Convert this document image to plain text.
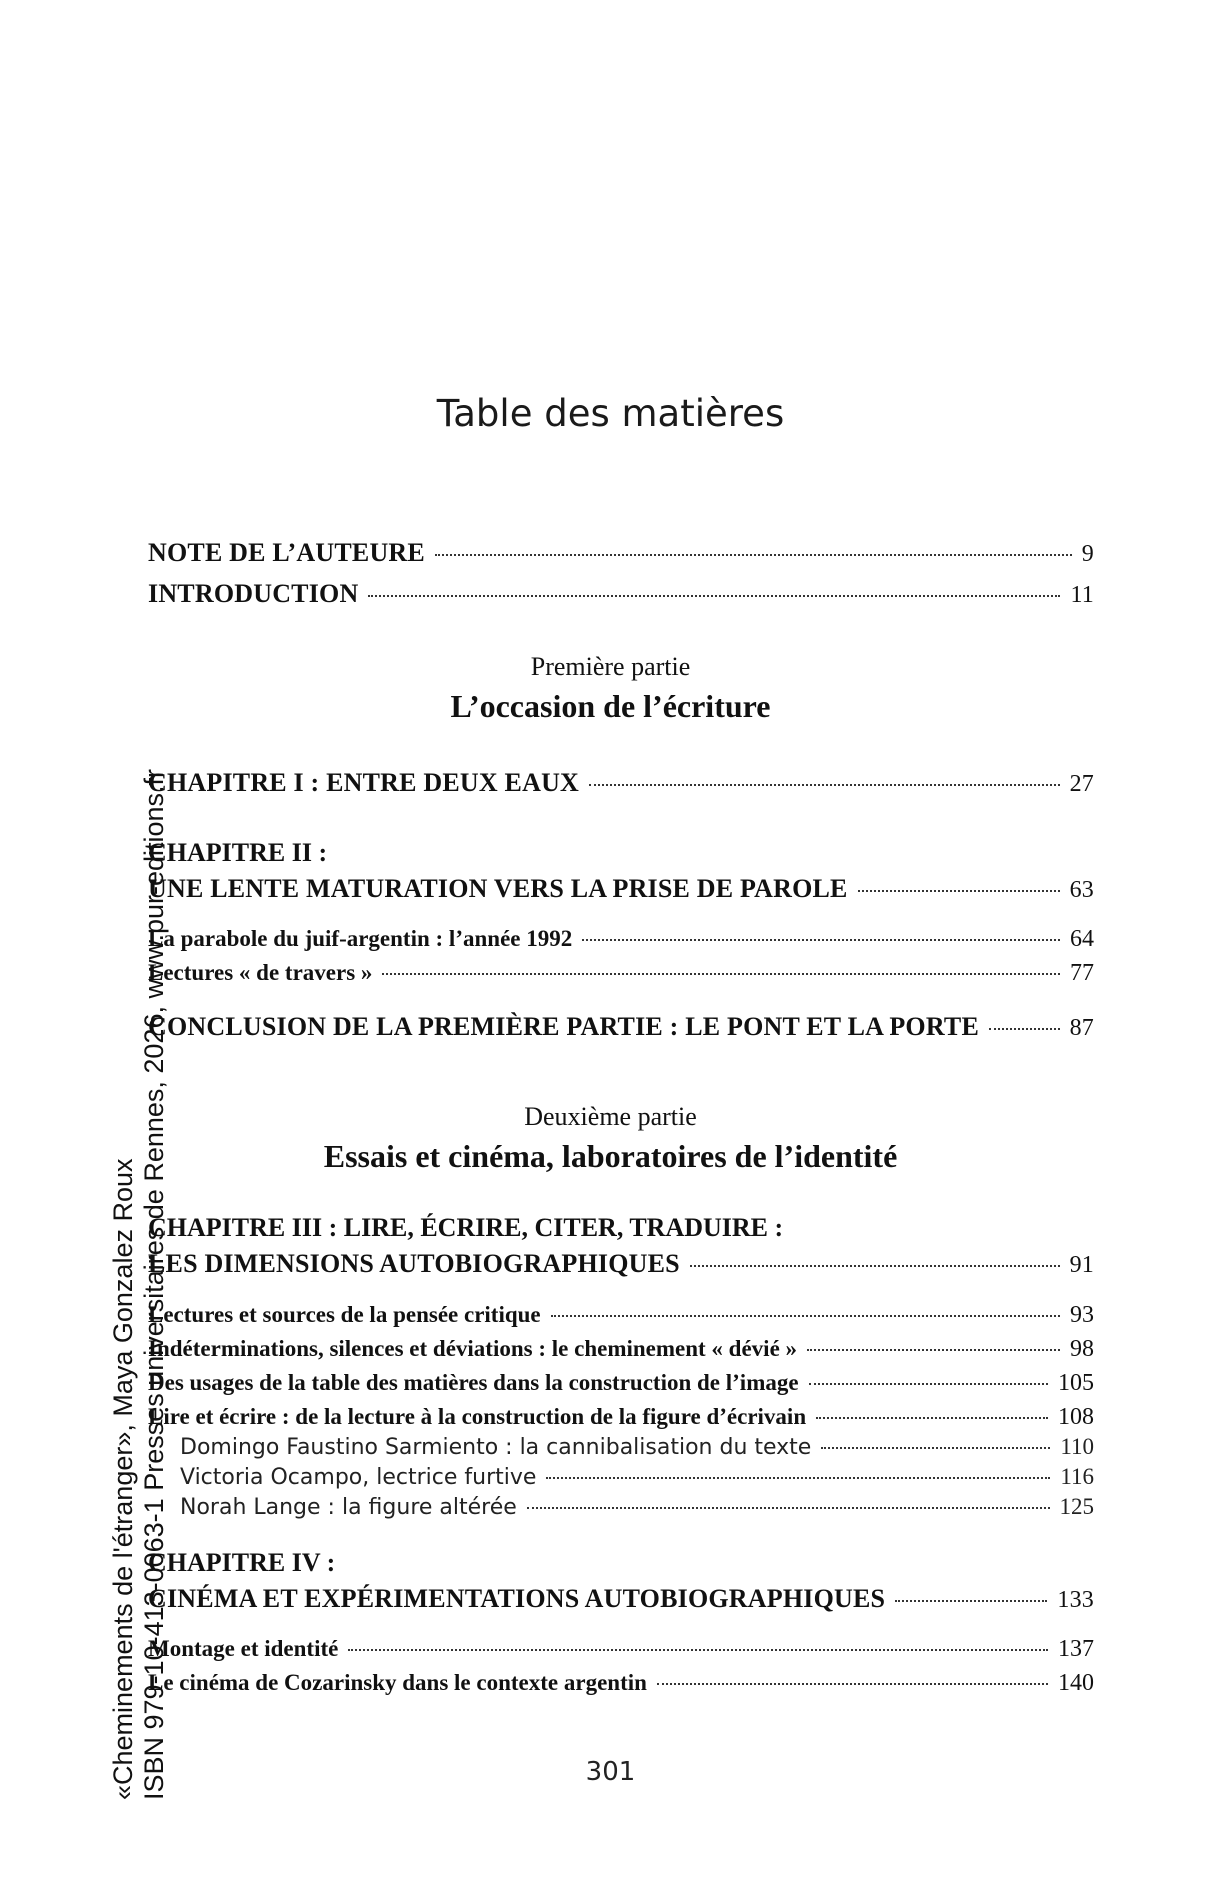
Table des matières
NOTE DE L’AUTEURE	9
INTRODUCTION	11
CHAPITRE I : ENTRE DEUX EAUX	27
CHAPITRE II :
UNE LENTE MATURATION VERS LA PRISE DE PAROLE	63
La parabole du juif-argentin : l’année 1992	64
Lectures « de travers »	77
CONCLUSION DE LA PREMIÈRE PARTIE : LE PONT ET LA PORTE	87
CHAPITRE III : LIRE, ÉCRIRE, CITER, TRADUIRE :
LES DIMENSIONS AUTOBIOGRAPHIQUES	91
Lectures et sources de la pensée critique	93
Indéterminations, silences et déviations : le cheminement « dévié »	98
Des usages de la table des matières dans la construction de l’image	105
Lire et écrire : de la lecture à la construction de la figure d’écrivain	108
Domingo Faustino Sarmiento : la cannibalisation du texte	110
Victoria Ocampo, lectrice furtive	116
Norah Lange : la figure altérée	125
CHAPITRE IV :
CINÉMA ET EXPÉRIMENTATIONS AUTOBIOGRAPHIQUES	133
Montage et identité	137
Le cinéma de Cozarinsky dans le contexte argentin	140
Première partie
L’occasion de l’écriture
Deuxième partie
Essais et cinéma, laboratoires de l’identité
301
«Cheminements de l'étranger», Maya Gonzalez Roux ISBN 979-10-413-0063-1 Presses universitaires de Rennes, 2026, www.pur-editions.fr
